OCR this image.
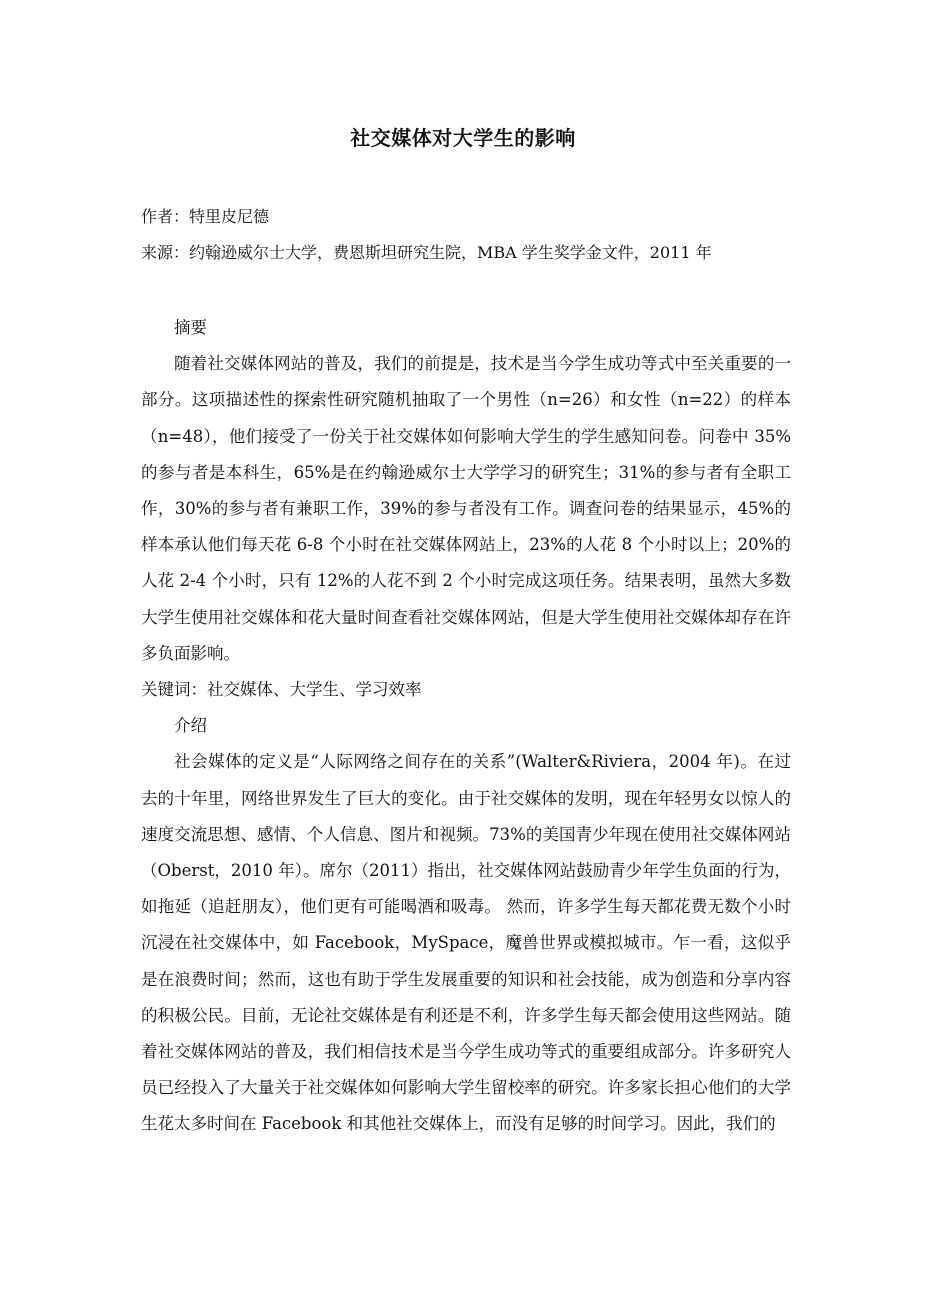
社交媒体对大学生的影响
作者：特里皮尼德
来源：约翰逊威尔士大学，费恩斯坦研究生院，MBA 学生奖学金文件，2011 年

摘要

随着社交媒体网站的普及，我们的前提是，技术是当今学生成功等式中至关重要的一部分。这项描述性的探索性研究随机抽取了一个男性（n=26）和女性（n=22）的样本（n=48），他们接受了一份关于社交媒体如何影响大学生的学生感知问卷。问卷中 35%的参与者是本科生，65%是在约翰逊威尔士大学学习的研究生；31%的参与者有全职工作，30%的参与者有兼职工作，39%的参与者没有工作。调查问卷的结果显示，45%的样本承认他们每天花 6-8 个小时在社交媒体网站上，23%的人花 8 个小时以上；20%的人花 2-4 个小时，只有 12%的人花不到 2 个小时完成这项任务。结果表明，虽然大多数大学生使用社交媒体和花大量时间查看社交媒体网站，但是大学生使用社交媒体却存在许多负面影响。

关键词：社交媒体、大学生、学习效率

介绍

社会媒体的定义是“人际网络之间存在的关系”(Walter&Riviera，2004 年)。在过去的十年里，网络世界发生了巨大的变化。由于社交媒体的发明，现在年轻男女以惊人的速度交流思想、感情、个人信息、图片和视频。73%的美国青少年现在使用社交媒体网站（Oberst，2010 年）。席尔（2011）指出，社交媒体网站鼓励青少年学生负面的行为，如拖延（追赶朋友），他们更有可能喝酒和吸毒。 然而，许多学生每天都花费无数个小时沉浸在社交媒体中，如 Facebook，MySpace，魔兽世界或模拟城市。乍一看，这似乎是在浪费时间；然而，这也有助于学生发展重要的知识和社会技能，成为创造和分享内容的积极公民。目前，无论社交媒体是有利还是不利，许多学生每天都会使用这些网站。随着社交媒体网站的普及，我们相信技术是当今学生成功等式的重要组成部分。许多研究人员已经投入了大量关于社交媒体如何影响大学生留校率的研究。许多家长担心他们的大学生花太多时间在 Facebook 和其他社交媒体上，而没有足够的时间学习。因此，我们的
